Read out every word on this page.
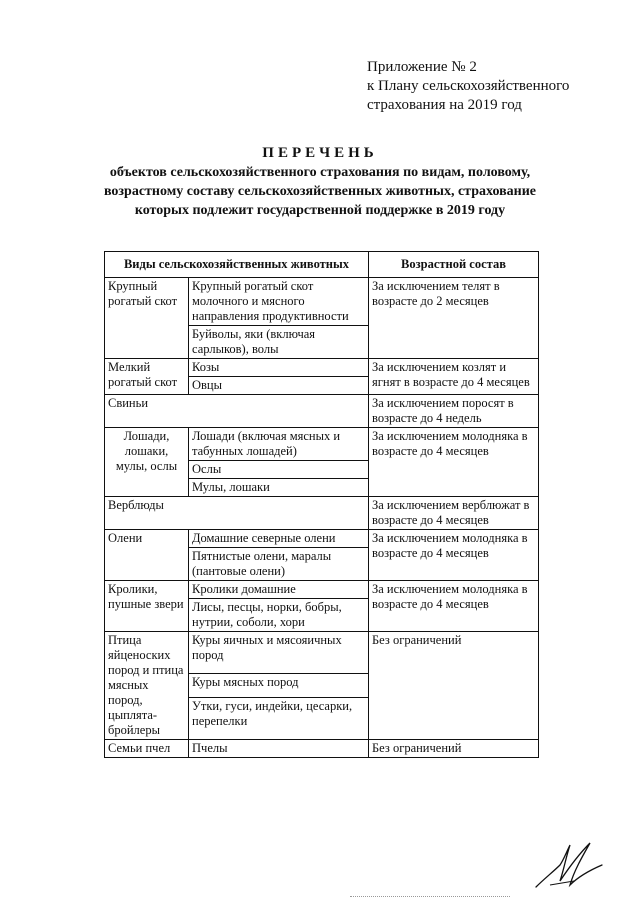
Приложение № 2
к Плану сельскохозяйственного
страхования на 2019 год
ПЕРЕЧЕНЬ
объектов сельскохозяйственного страхования по видам, половому, возрастному составу сельскохозяйственных животных, страхование которых подлежит государственной поддержке в 2019 году
Виды сельскохозяйственных животных		Возрастной состав
Крупный рогатый скот	Крупный рогатый скот молочного и мясного направления продуктивности	За исключением телят в возрасте до 2 месяцев
	Буйволы, яки (включая сарлыков), волы	
Мелкий рогатый скот	Козы	За исключением козлят и ягнят в возрасте до 4 месяцев
	Овцы	
Свиньи		За исключением поросят в возрасте до 4 недель
Лошади, лошаки, мулы, ослы	Лошади (включая мясных и табунных лошадей)	За исключением молодняка в возрасте до 4 месяцев
	Ослы	
	Мулы, лошаки	
Верблюды		За исключением верблюжат в возрасте до 4 месяцев
Олени	Домашние северные олени	За исключением молодняка в возрасте до 4 месяцев
	Пятнистые олени, маралы (пантовые олени)	
Кролики, пушные звери	Кролики домашние	За исключением молодняка в возрасте до 4 месяцев
	Лисы, песцы, норки, бобры, нутрии, соболи, хори	
Птица яйценоских пород и птица мясных пород, цыплята-бройлеры	Куры яичных и мясояичных пород	Без ограничений
	Куры мясных пород	
	Утки, гуси, индейки, цесарки, перепелки	
Семьи пчел	Пчелы	Без ограничений
